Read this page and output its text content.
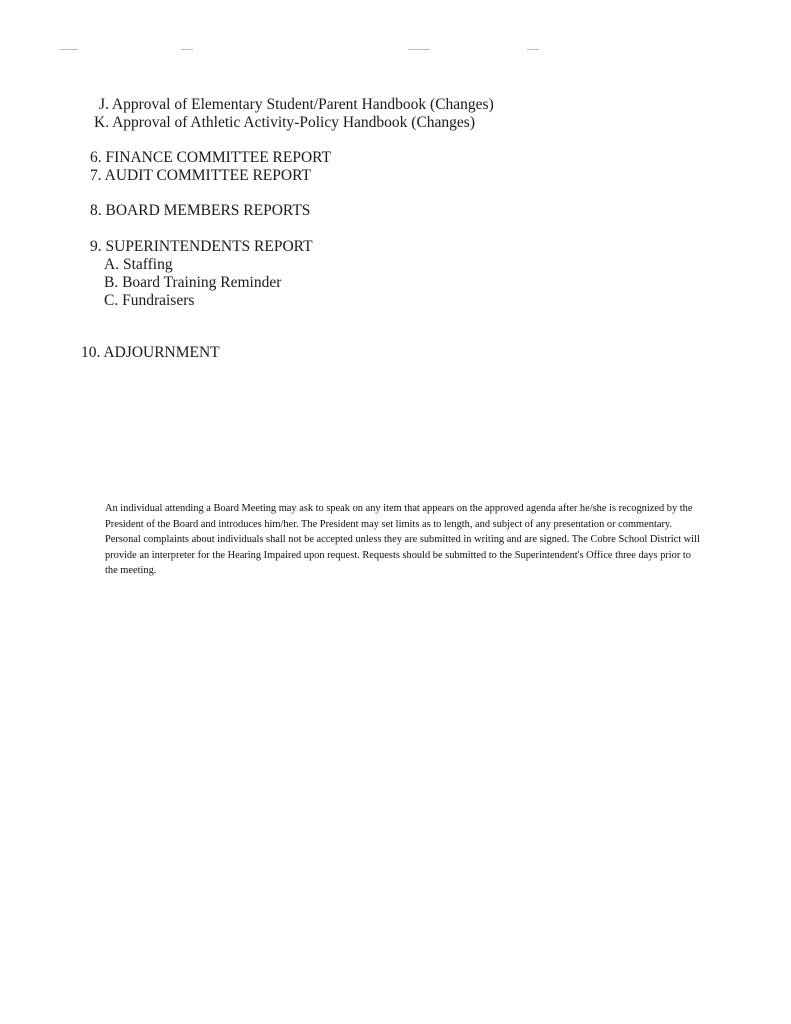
J. Approval of Elementary Student/Parent Handbook (Changes)
K. Approval of Athletic Activity-Policy Handbook (Changes)
6. FINANCE COMMITTEE REPORT
7. AUDIT COMMITTEE REPORT
8. BOARD MEMBERS REPORTS
9. SUPERINTENDENTS REPORT
A. Staffing
B. Board Training Reminder
C. Fundraisers
10. ADJOURNMENT

An individual attending a Board Meeting may ask to speak on any item that appears on the approved agenda after he/she is recognized by the President of the Board and introduces him/her. The President may set limits as to length, and subject of any presentation or commentary. Personal complaints about individuals shall not be accepted unless they are submitted in writing and are signed. The Cobre School District will provide an interpreter for the Hearing Impaired upon request. Requests should be submitted to the Superintendent's Office three days prior to the meeting.
